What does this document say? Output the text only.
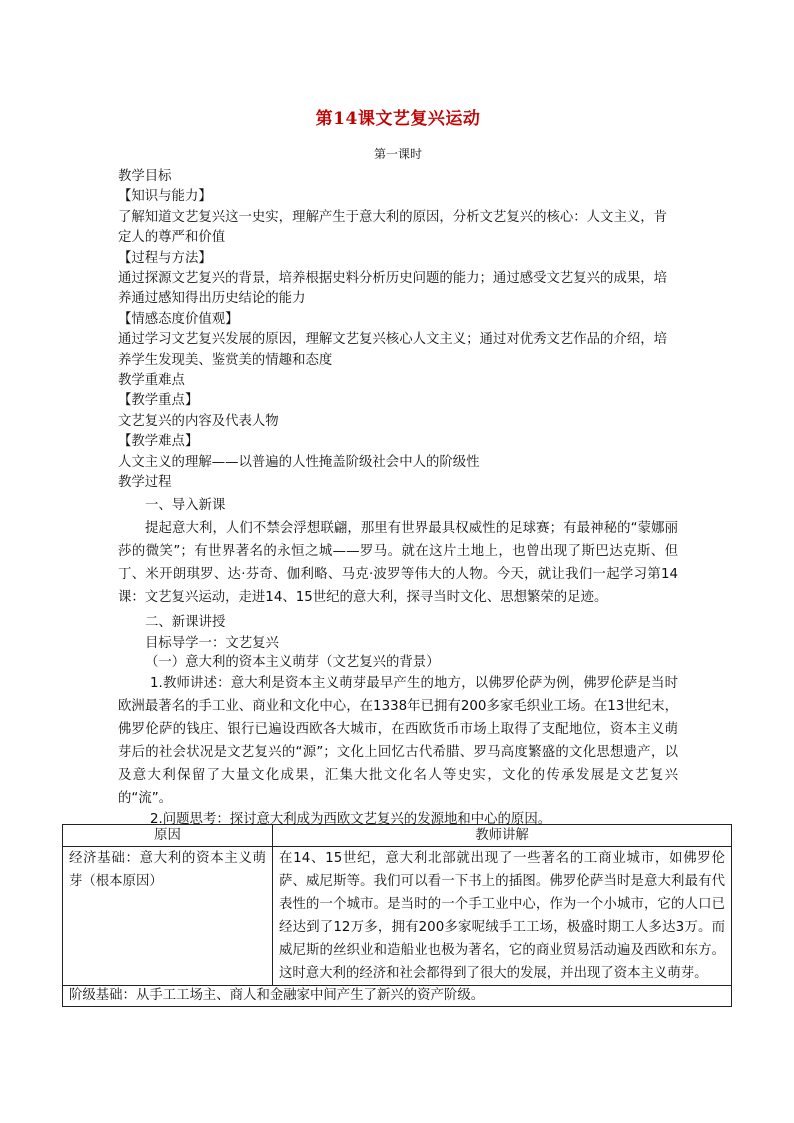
第14课文艺复兴运动
第一课时

教学目标

【知识与能力】

了解知道文艺复兴这一史实，理解产生于意大利的原因，分析文艺复兴的核心：人文主义，肯定人的尊严和价值

【过程与方法】

通过探源文艺复兴的背景，培养根据史料分析历史问题的能力；通过感受文艺复兴的成果，培养通过感知得出历史结论的能力

【情感态度价值观】

通过学习文艺复兴发展的原因，理解文艺复兴核心人文主义；通过对优秀文艺作品的介绍，培养学生发现美、鉴赏美的情趣和态度

教学重难点

【教学重点】

文艺复兴的内容及代表人物

【教学难点】

人文主义的理解——以普遍的人性掩盖阶级社会中人的阶级性

教学过程

一、导入新课

提起意大利，人们不禁会浮想联翩，那里有世界最具权威性的足球赛；有最神秘的“蒙娜丽莎的微笑”；有世界著名的永恒之城——罗马。就在这片土地上，也曾出现了斯巴达克斯、但丁、米开朗琪罗、达·芬奇、伽利略、马克·波罗等伟大的人物。今天，就让我们一起学习第14课：文艺复兴运动，走进14、15世纪的意大利，探寻当时文化、思想繁荣的足迹。

二、新课讲授

目标导学一：文艺复兴

（一）意大利的资本主义萌芽（文艺复兴的背景）

1.教师讲述：意大利是资本主义萌芽最早产生的地方，以佛罗伦萨为例，佛罗伦萨是当时欧洲最著名的手工业、商业和文化中心，在1338年已拥有200多家毛织业工场。在13世纪末，佛罗伦萨的钱庄、银行已遍设西欧各大城市，在西欧货币市场上取得了支配地位，资本主义萌芽后的社会状况是文艺复兴的“源”；文化上回忆古代希腊、罗马高度繁盛的文化思想遗产，以及意大利保留了大量文化成果，汇集大批文化名人等史实，文化的传承发展是文艺复兴的“流”。

2.问题思考：探讨意大利成为西欧文艺复兴的发源地和中心的原因。

原因	教师讲解
经济基础：意大利的资本主义萌芽（根本原因）	在14、15世纪，意大利北部就出现了一些著名的工商业城市，如佛罗伦萨、威尼斯等。我们可以看一下书上的插图。佛罗伦萨当时是意大利最有代表性的一个城市。是当时的一个手工业中心，作为一个小城市，它的人口已经达到了12万多，拥有200多家呢绒手工工场，极盛时期工人多达3万。而威尼斯的丝织业和造船业也极为著名，它的商业贸易活动遍及西欧和东方。这时意大利的经济和社会都得到了很大的发展，并出现了资本主义萌芽。
阶级基础：从手工工场主、商人和金融家中间产生了新兴的资产阶级。	
